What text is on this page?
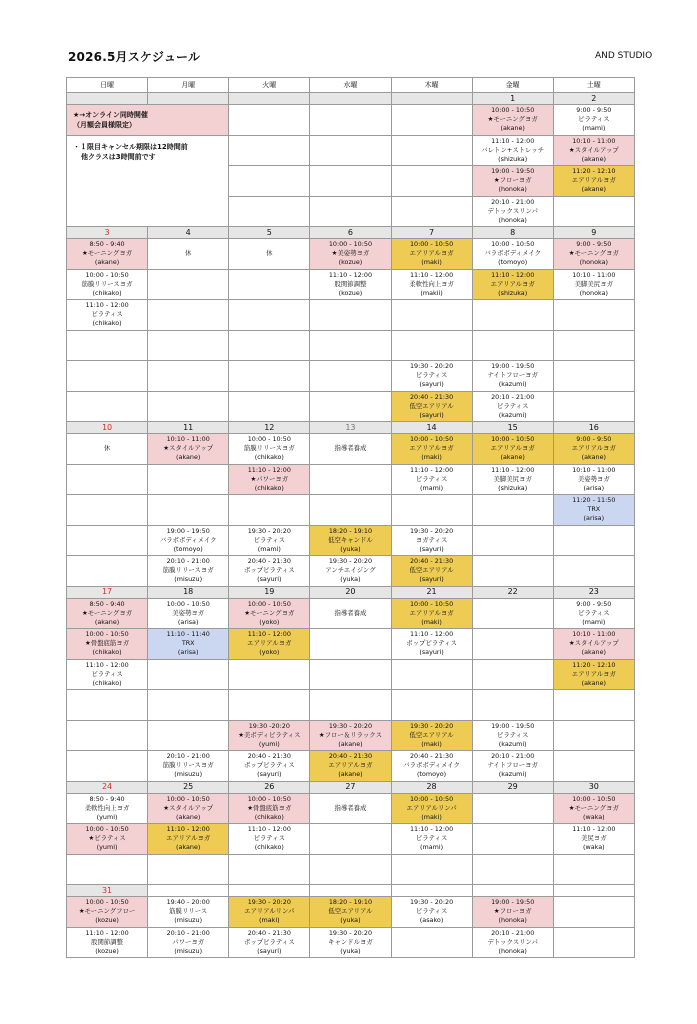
2026.5月スケジュール	AND STUDIO
日曜	月曜	火曜	水曜	木曜	金曜	土曜
					1	2

★→オンライン同時開催
（月額会員様限定）					10:00 - 10:50
★モーニングヨガ
(akane)	9:00 - 9:50
ピラティス
(mami)

・１限目キャンセル期限は12時間前
他クラスは3時間前です					11:10 - 12:00
バレトン+ストレッチ
(shizuka)	10:10 - 11:00
★スタイルアップ
(akane)

					19:00 - 19:50
★フローヨガ
(honoka)	11:20 - 12:10
エアリアルヨガ
(akane)

					20:10 - 21:00
デトックスリンパ
(honoka)	

3	4	5	6	7	8	9

8:50 - 9:40
★モーニングヨガ
(akane)	休	休	10:00 - 10:50
★美姿勢ヨガ
(kozue)	10:00 - 10:50
エアリアルヨガ
(maki)	10:00 - 10:50
バラボボディメイク
(tomoyo)	9:00 - 9:50
★モーニングヨガ
(honoka)

10:00 - 10:50
筋膜リリースヨガ
(chikako)			11:10 - 12:00
股関節調整
(kozue)	11:10 - 12:00
柔軟性向上ヨガ
(makii)	11:10 - 12:00
エアリアルヨガ
(shizuka)	10:10 - 11:00
美脚美尻ヨガ
(honoka)

11:10 - 12:00
ピラティス
(chikako)						

				19:30 - 20:20
ピラティス
(sayuri)	19:00 - 19:50
ナイトフローヨガ
(kazumi)	

				20:40 - 21:30
低空エアリアル
(sayuri)	20:10 - 21:00
ピラティス
(kazumi)	

10	11	12	13	14	15	16

休	10:10 - 11:00
★スタイルアップ
(akane)	10:00 - 10:50
筋膜リリースヨガ
(chikako)	指導者養成	10:00 - 10:50
エアリアルヨガ
(maki)	10:00 - 10:50
エアリアルヨガ
(akane)	9:00 - 9:50
エアリアルヨガ
(akane)

		11:10 - 12:00
★パワーヨガ
(chikako)		11:10 - 12:00
ピラティス
(mami)	11:10 - 12:00
美脚美尻ヨガ
(shizuka)	10:10 - 11:00
美姿勢ヨガ
(arisa)

						11:20 - 11:50
TRX
(arisa)

	19:00 - 19:50
バラボボディメイク
(tomoyo)	19:30 - 20:20
ピラティス
(mami)	18:20 - 19:10
低空キャンドル
(yuka)	19:30 - 20:20
ヨガティス
(sayuri)		

	20:10 - 21:00
筋膜リリースヨガ
(misuzu)	20:40 - 21:30
ボップピラティス
(sayuri)	19:30 - 20:20
アンチエイジング
(yuka)	20:40 - 21:30
低空エアリアル
(sayuri)		

17	18	19	20	21	22	23

8:50 - 9:40
★モーニングヨガ
(akane)	10:00 - 10:50
美姿勢ヨガ
(arisa)	10:00 - 10:50
★モーニングヨガ
(yoko)	指導者養成	10:00 - 10:50
エアリアルヨガ
(maki)		9:00 - 9:50
ピラティス
(mami)

10:00 - 10:50
★骨盤底筋ヨガ
(chikako)	11:10 - 11:40
TRX
(arisa)	11:10 - 12:00
エアリアルヨガ
(yoko)		11:10 - 12:00
ボップピラティス
(sayuri)		10:10 - 11:00
★スタイルアップ
(akane)

11:10 - 12:00
ピラティス
(chikako)						11:20 - 12:10
エアリアルヨガ
(akane)

		19:30 -20:20
★美ボディピラティス
(yumi)	19:30 - 20:20
★フロー＆リラックス
(akane)	19:30 - 20:20
低空エアリアル
(maki)	19:00 - 19:50
ピラティス
(kazumi)	

	20:10 - 21:00
筋膜リリースヨガ
(misuzu)	20:40 - 21:30
ボップピラティス
(sayuri)	20:40 - 21:30
エアリアルヨガ
(akane)	20:40 - 21:30
バラボボディメイク
(tomoyo)	20:10 - 21:00
ナイトフローヨガ
(kazumi)	

24	25	26	27	28	29	30

8:50 - 9:40
柔軟性向上ヨガ
(yumi)	10:00 - 10:50
★スタイルアップ
(akane)	10:00 - 10:50
★骨盤底筋ヨガ
(chikako)	指導者養成	10:00 - 10:50
エアリアルリンパ
(maki)		10:00 - 10:50
★モーニングヨガ
(waka)

10:00 - 10:50
★ピラティス
(yumi)	11:10 - 12:00
エアリアルヨガ
(akane)	11:10 - 12:00
ピラティス
(chikako)		11:10 - 12:00
ピラティス
(mami)		11:10 - 12:00
美尻ヨガ
(waka)

31						

10:00 - 10:50
★モーニングフロー
(kozue)	19:40 - 20:00
筋膜リリース
(misuzu)	19:30 - 20:20
エアリアルリンパ
(maki)	18:20 - 19:10
低空エアリアル
(yuka)	19:30 - 20:20
ピラティス
(asako)	19:00 - 19:50
★フローヨガ
(honoka)	

11:10 - 12:00
股関節調整
(kozue)	20:10 - 21:00
パワーヨガ
(misuzu)	20:40 - 21:30
ボップピラティス
(sayuri)	19:30 - 20:20
キャンドルヨガ
(yuka)		20:10 - 21:00
デトックスリンパ
(honoka)	
